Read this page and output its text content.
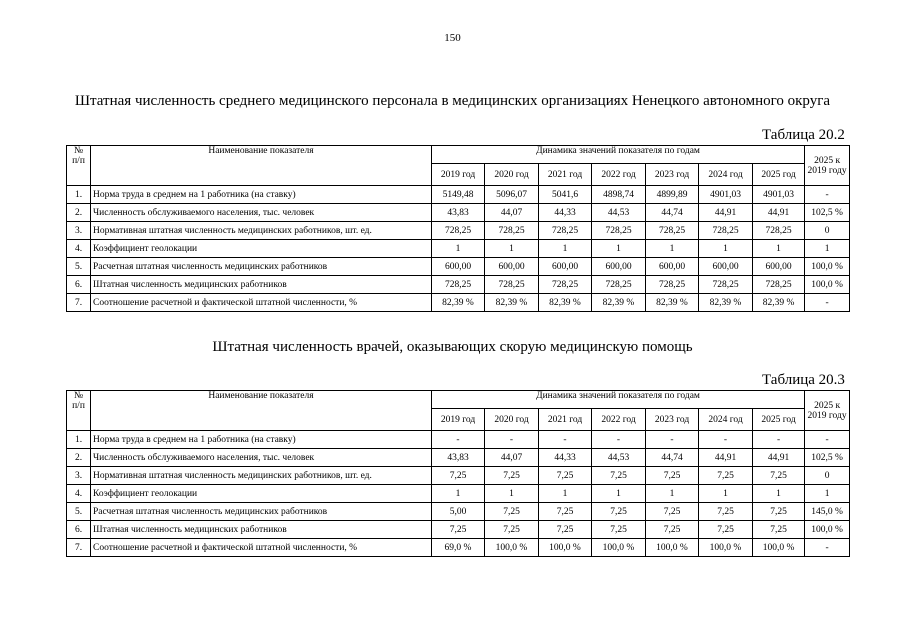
150
Штатная численность среднего медицинского персонала в медицинских организациях Ненецкого автономного округа
Таблица 20.2
№ п/п	Наименование показателя	Динамика значений показателя по годам							2025 к 2019 году
		2019 год	2020 год	2021 год	2022 год	2023 год	2024 год	2025 год	
1.	Норма труда в среднем на 1 работника (на ставку)	5149,48	5096,07	5041,6	4898,74	4899,89	4901,03	4901,03	-
2.	Численность обслуживаемого населения, тыс. человек	43,83	44,07	44,33	44,53	44,74	44,91	44,91	102,5 %
3.	Нормативная штатная численность медицинских работников, шт. ед.	728,25	728,25	728,25	728,25	728,25	728,25	728,25	0
4.	Коэффициент геолокации	1	1	1	1	1	1	1	1
5.	Расчетная штатная численность медицинских работников	600,00	600,00	600,00	600,00	600,00	600,00	600,00	100,0 %
6.	Штатная численность медицинских работников	728,25	728,25	728,25	728,25	728,25	728,25	728,25	100,0 %
7.	Соотношение расчетной и фактической штатной численности, %	82,39 %	82,39 %	82,39 %	82,39 %	82,39 %	82,39 %	82,39 %	-
Штатная численность врачей, оказывающих скорую медицинскую помощь
Таблица 20.3
№ п/п	Наименование показателя	Динамика значений показателя по годам							2025 к 2019 году
		2019 год	2020 год	2021 год	2022 год	2023 год	2024 год	2025 год	
1.	Норма труда в среднем на 1 работника (на ставку)	-	-	-	-	-	-	-	-
2.	Численность обслуживаемого населения, тыс. человек	43,83	44,07	44,33	44,53	44,74	44,91	44,91	102,5 %
3.	Нормативная штатная численность медицинских работников, шт. ед.	7,25	7,25	7,25	7,25	7,25	7,25	7,25	0
4.	Коэффициент геолокации	1	1	1	1	1	1	1	1
5.	Расчетная штатная численность медицинских работников	5,00	7,25	7,25	7,25	7,25	7,25	7,25	145,0 %
6.	Штатная численность медицинских работников	7,25	7,25	7,25	7,25	7,25	7,25	7,25	100,0 %
7.	Соотношение расчетной и фактической штатной численности, %	69,0 %	100,0 %	100,0 %	100,0 %	100,0 %	100,0 %	100,0 %	-
